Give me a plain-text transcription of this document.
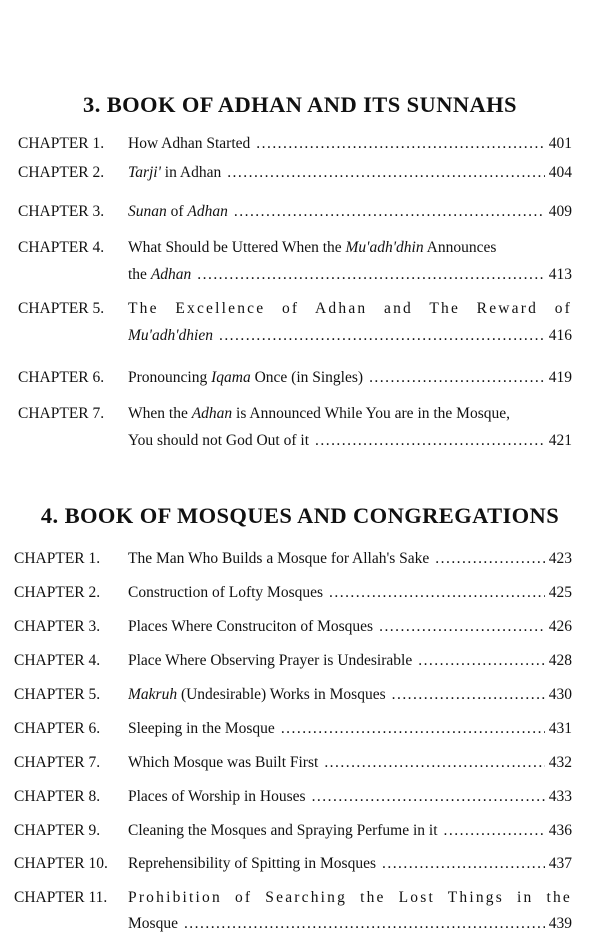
3. BOOK OF ADHAN AND ITS SUNNAHS
CHAPTER 1. How Adhan Started . . .	401
CHAPTER 2. Tarji' in Adhan . . .	404
CHAPTER 3. Sunan of Adhan . . .	409
CHAPTER 4. What Should be Uttered When the Mu'adh'dhin Announces
the Adhan . . .	413
CHAPTER 5. The Excellence of Adhan and The Reward of
Mu'adh'dhien . . .	416
CHAPTER 6. Pronouncing Iqama Once (in Singles) . . .	419
CHAPTER 7. When the Adhan is Announced While You are in the Mosque,
You should not God Out of it . . .	421
4. BOOK OF MOSQUES AND CONGREGATIONS
CHAPTER 1. The Man Who Builds a Mosque for Allah's Sake . . .	423
CHAPTER 2. Construction of Lofty Mosques . . .	425
CHAPTER 3. Places Where Construciton of Mosques . . .	426
CHAPTER 4. Place Where Observing Prayer is Undesirable . . .	428
CHAPTER 5. Makruh (Undesirable) Works in Mosques . . .	430
CHAPTER 6. Sleeping in the Mosque . . .	431
CHAPTER 7. Which Mosque was Built First . . .	432
CHAPTER 8. Places of Worship in Houses . . .	433
CHAPTER 9. Cleaning the Mosques and Spraying Perfume in it . . .	436
CHAPTER 10. Reprehensibility of Spitting in Mosques . . .	437
CHAPTER 11. Prohibition of Searching the Lost Things in the
Mosque . . .	439
